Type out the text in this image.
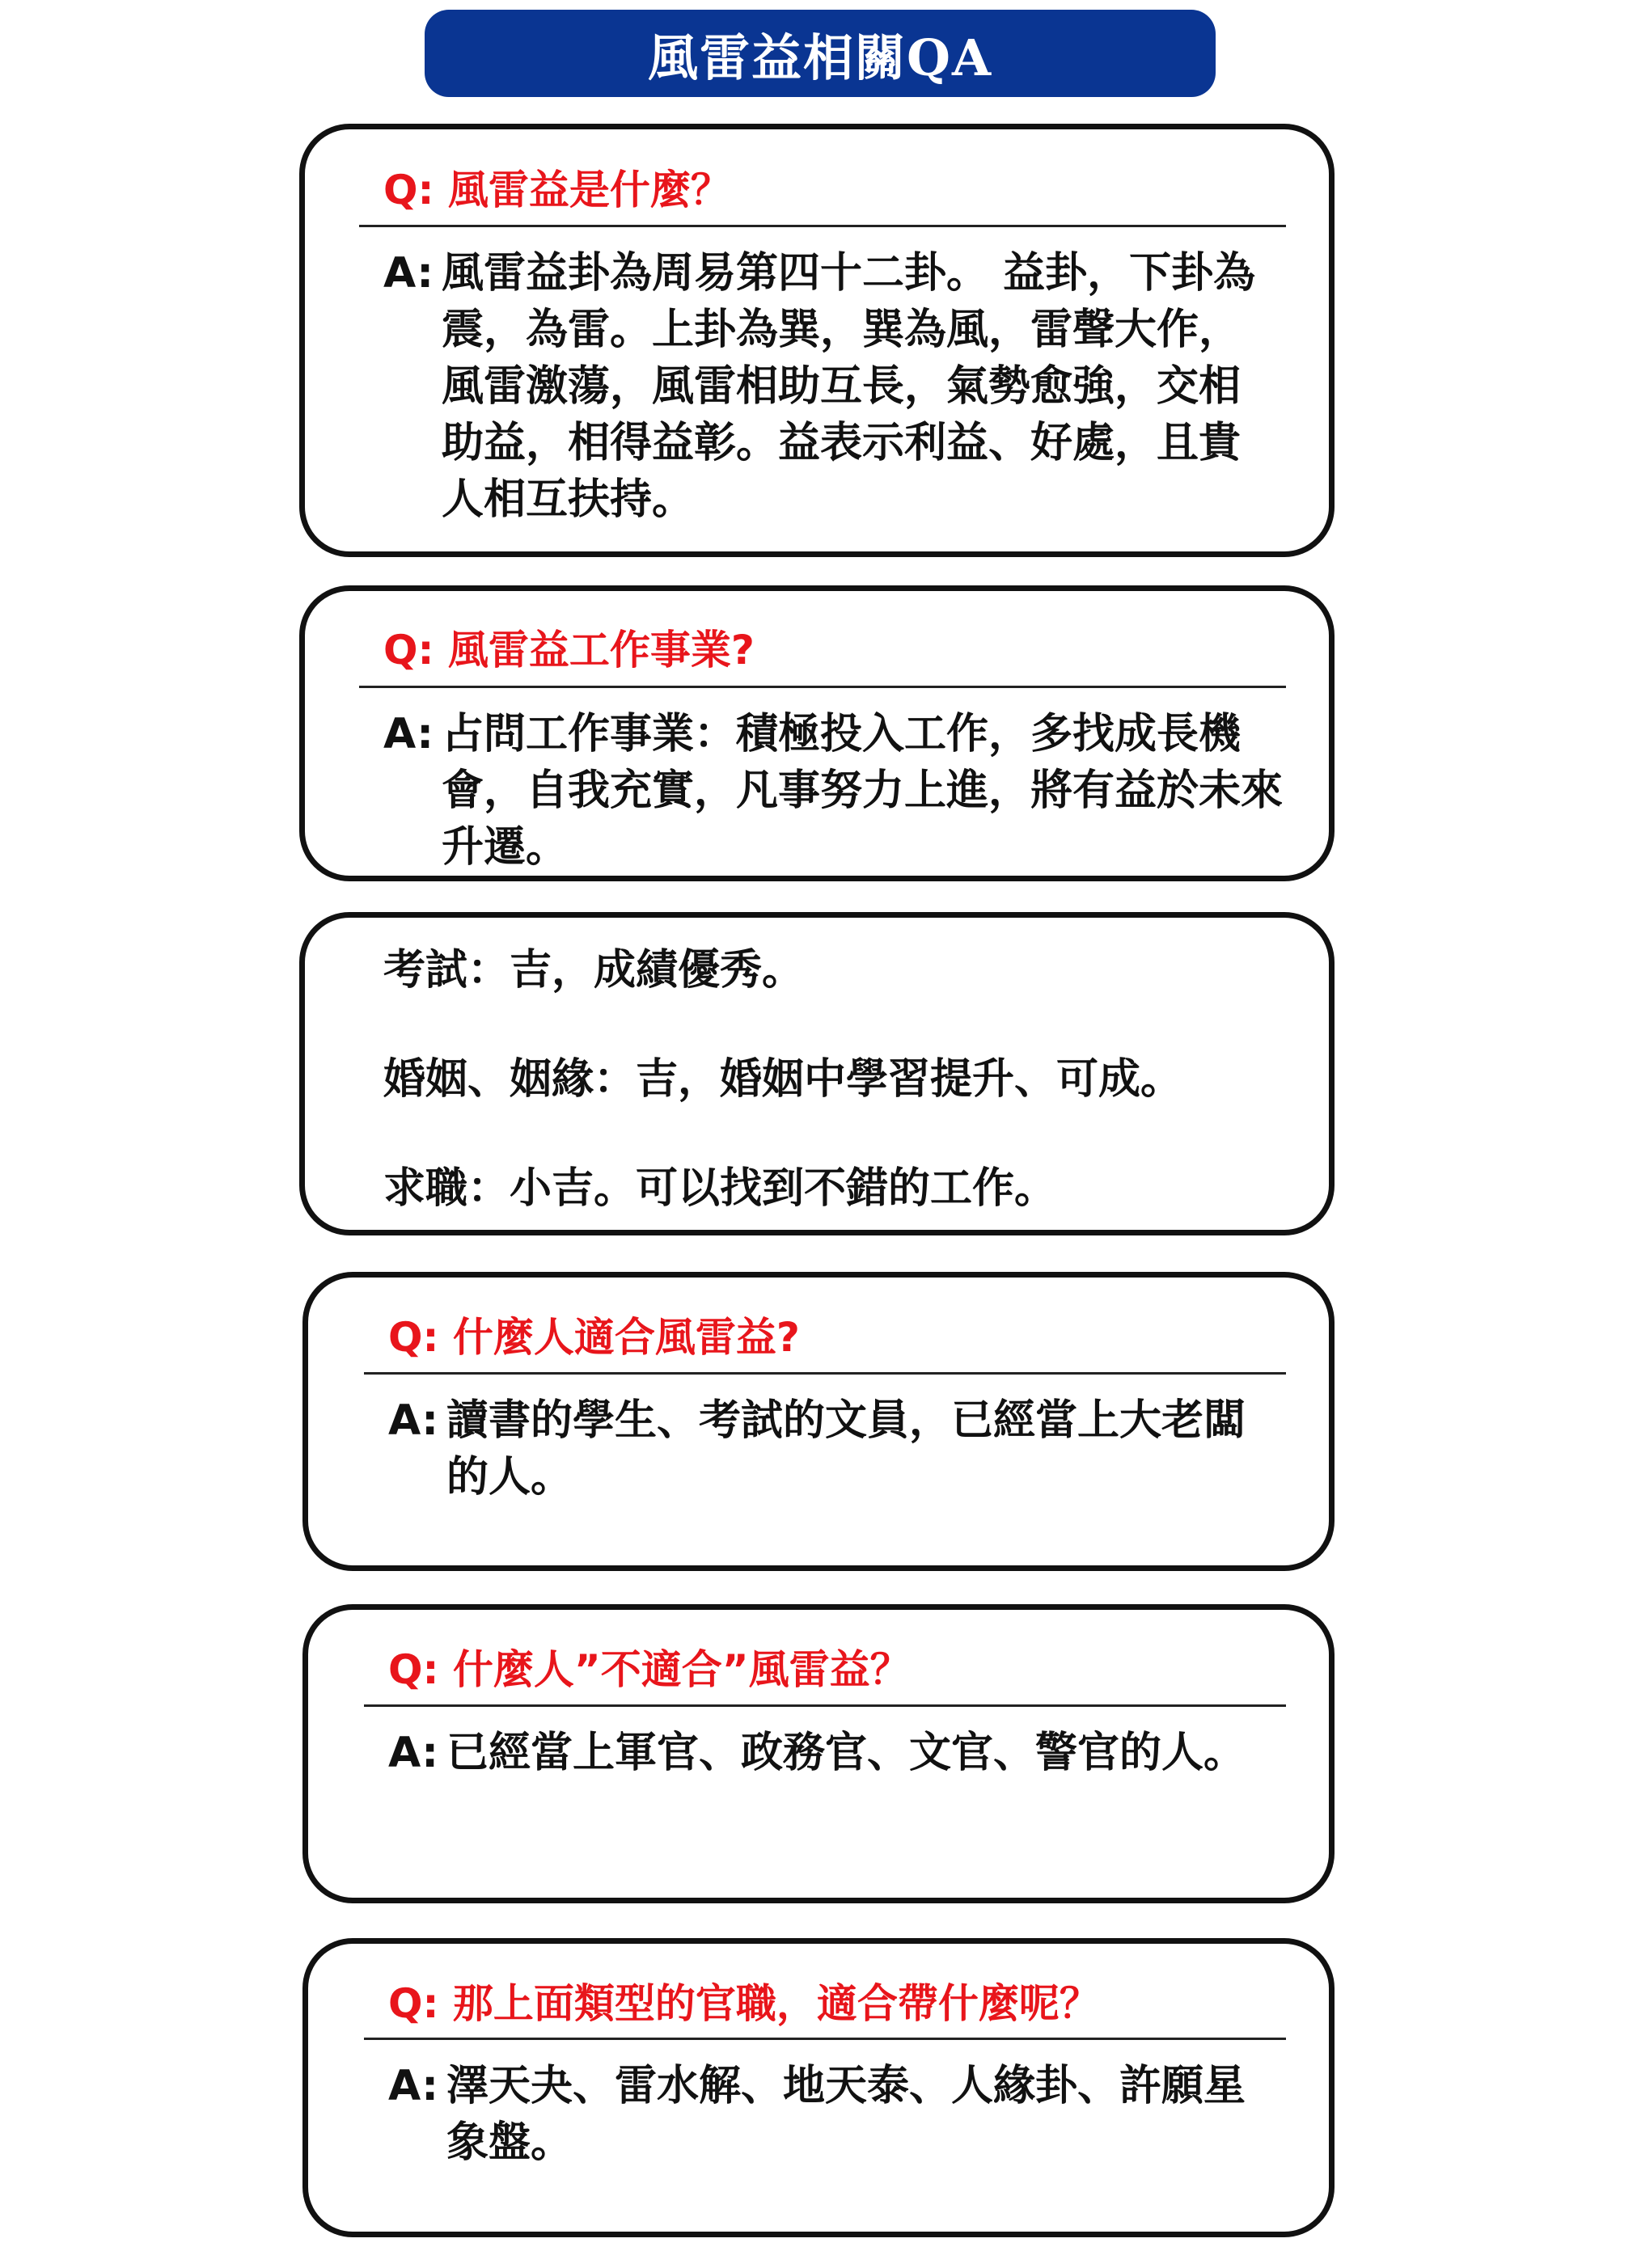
風雷益相關QA
Q: 風雷益是什麼？
A: 風雷益卦為周易第四十二卦。 益卦，下卦為震，為雷。上卦為巽，巽為風，雷聲大作，風雷激蕩，風雷相助互長，氣勢愈強，交相助益，相得益彰。益表示利益、好處，且貴人相互扶持。
Q: 風雷益工作事業?
A: 占問工作事業：積極投入工作，多找成長機會，自我充實，凡事努力上進，將有益於未來升遷。
考試：吉，成績優秀。
婚姻、姻緣：吉，婚姻中學習提升、可成。
求職：小吉。可以找到不錯的工作。
Q: 什麼人適合風雷益?
A: 讀書的學生、考試的文員，已經當上大老闆的人。
Q: 什麼人”不適合”風雷益？
A: 已經當上軍官、政務官、文官、警官的人。
Q: 那上面類型的官職，適合帶什麼呢？
A: 澤天夬、雷水解、地天泰、人緣卦、許願星象盤。
